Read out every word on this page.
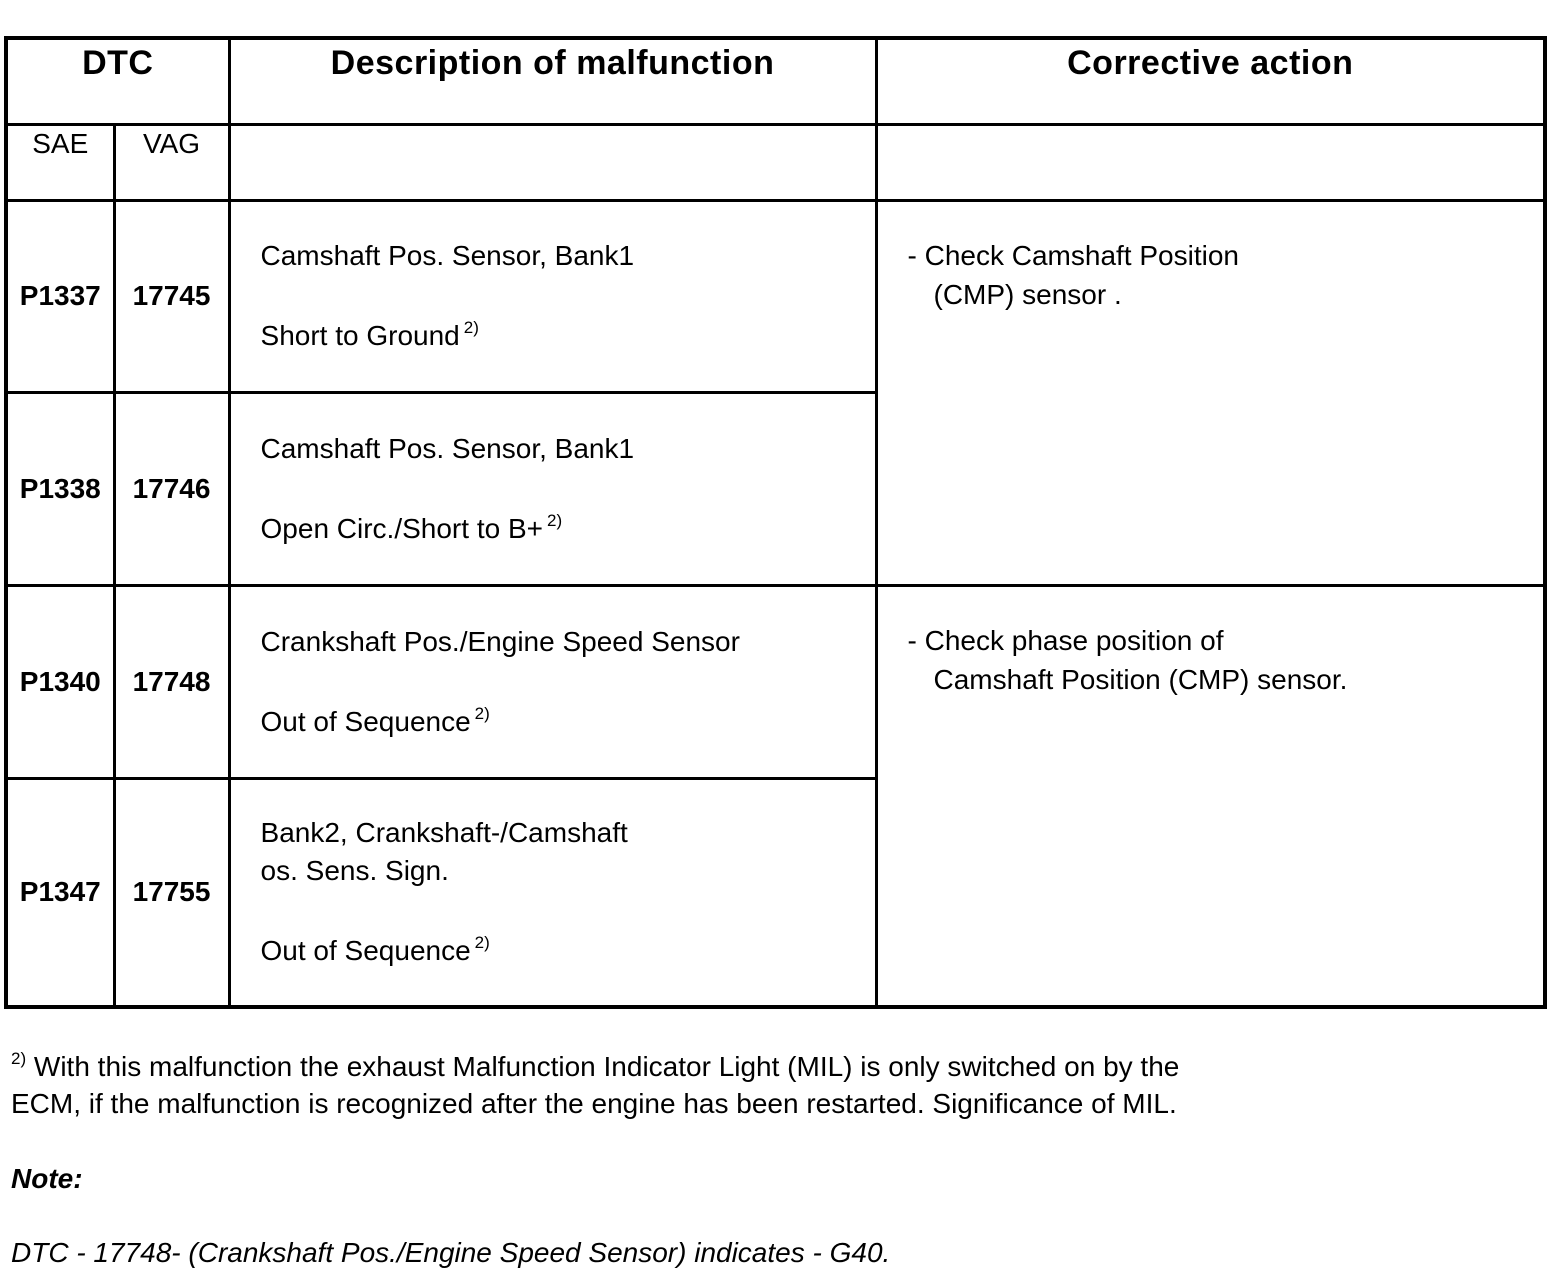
DTC		Description of malfunction	Corrective action
SAE	VAG		
P1337	17745	Camshaft Pos. Sensor, Bank1
Short to Ground $^{2)}$	- Check Camshaft Position
(CMP) sensor .

P1338	17746	Camshaft Pos. Sensor, Bank1
Open Circ./Short to B+ $^{2)}$

P1340	17748	Crankshaft Pos./Engine Speed Sensor
Out of Sequence $^{2)}$	- Check phase position of
Camshaft Position (CMP) sensor.

P1347	17755	Bank2, Crankshaft-/Camshaft
os. Sens. Sign.
Out of Sequence $^{2)}$
$^{2)}$ With this malfunction the exhaust Malfunction Indicator Light (MIL) is only switched on by the
ECM, if the malfunction is recognized after the engine has been restarted. Significance of MIL.
Note:
DTC - 17748- (Crankshaft Pos./Engine Speed Sensor) indicates - G40.
